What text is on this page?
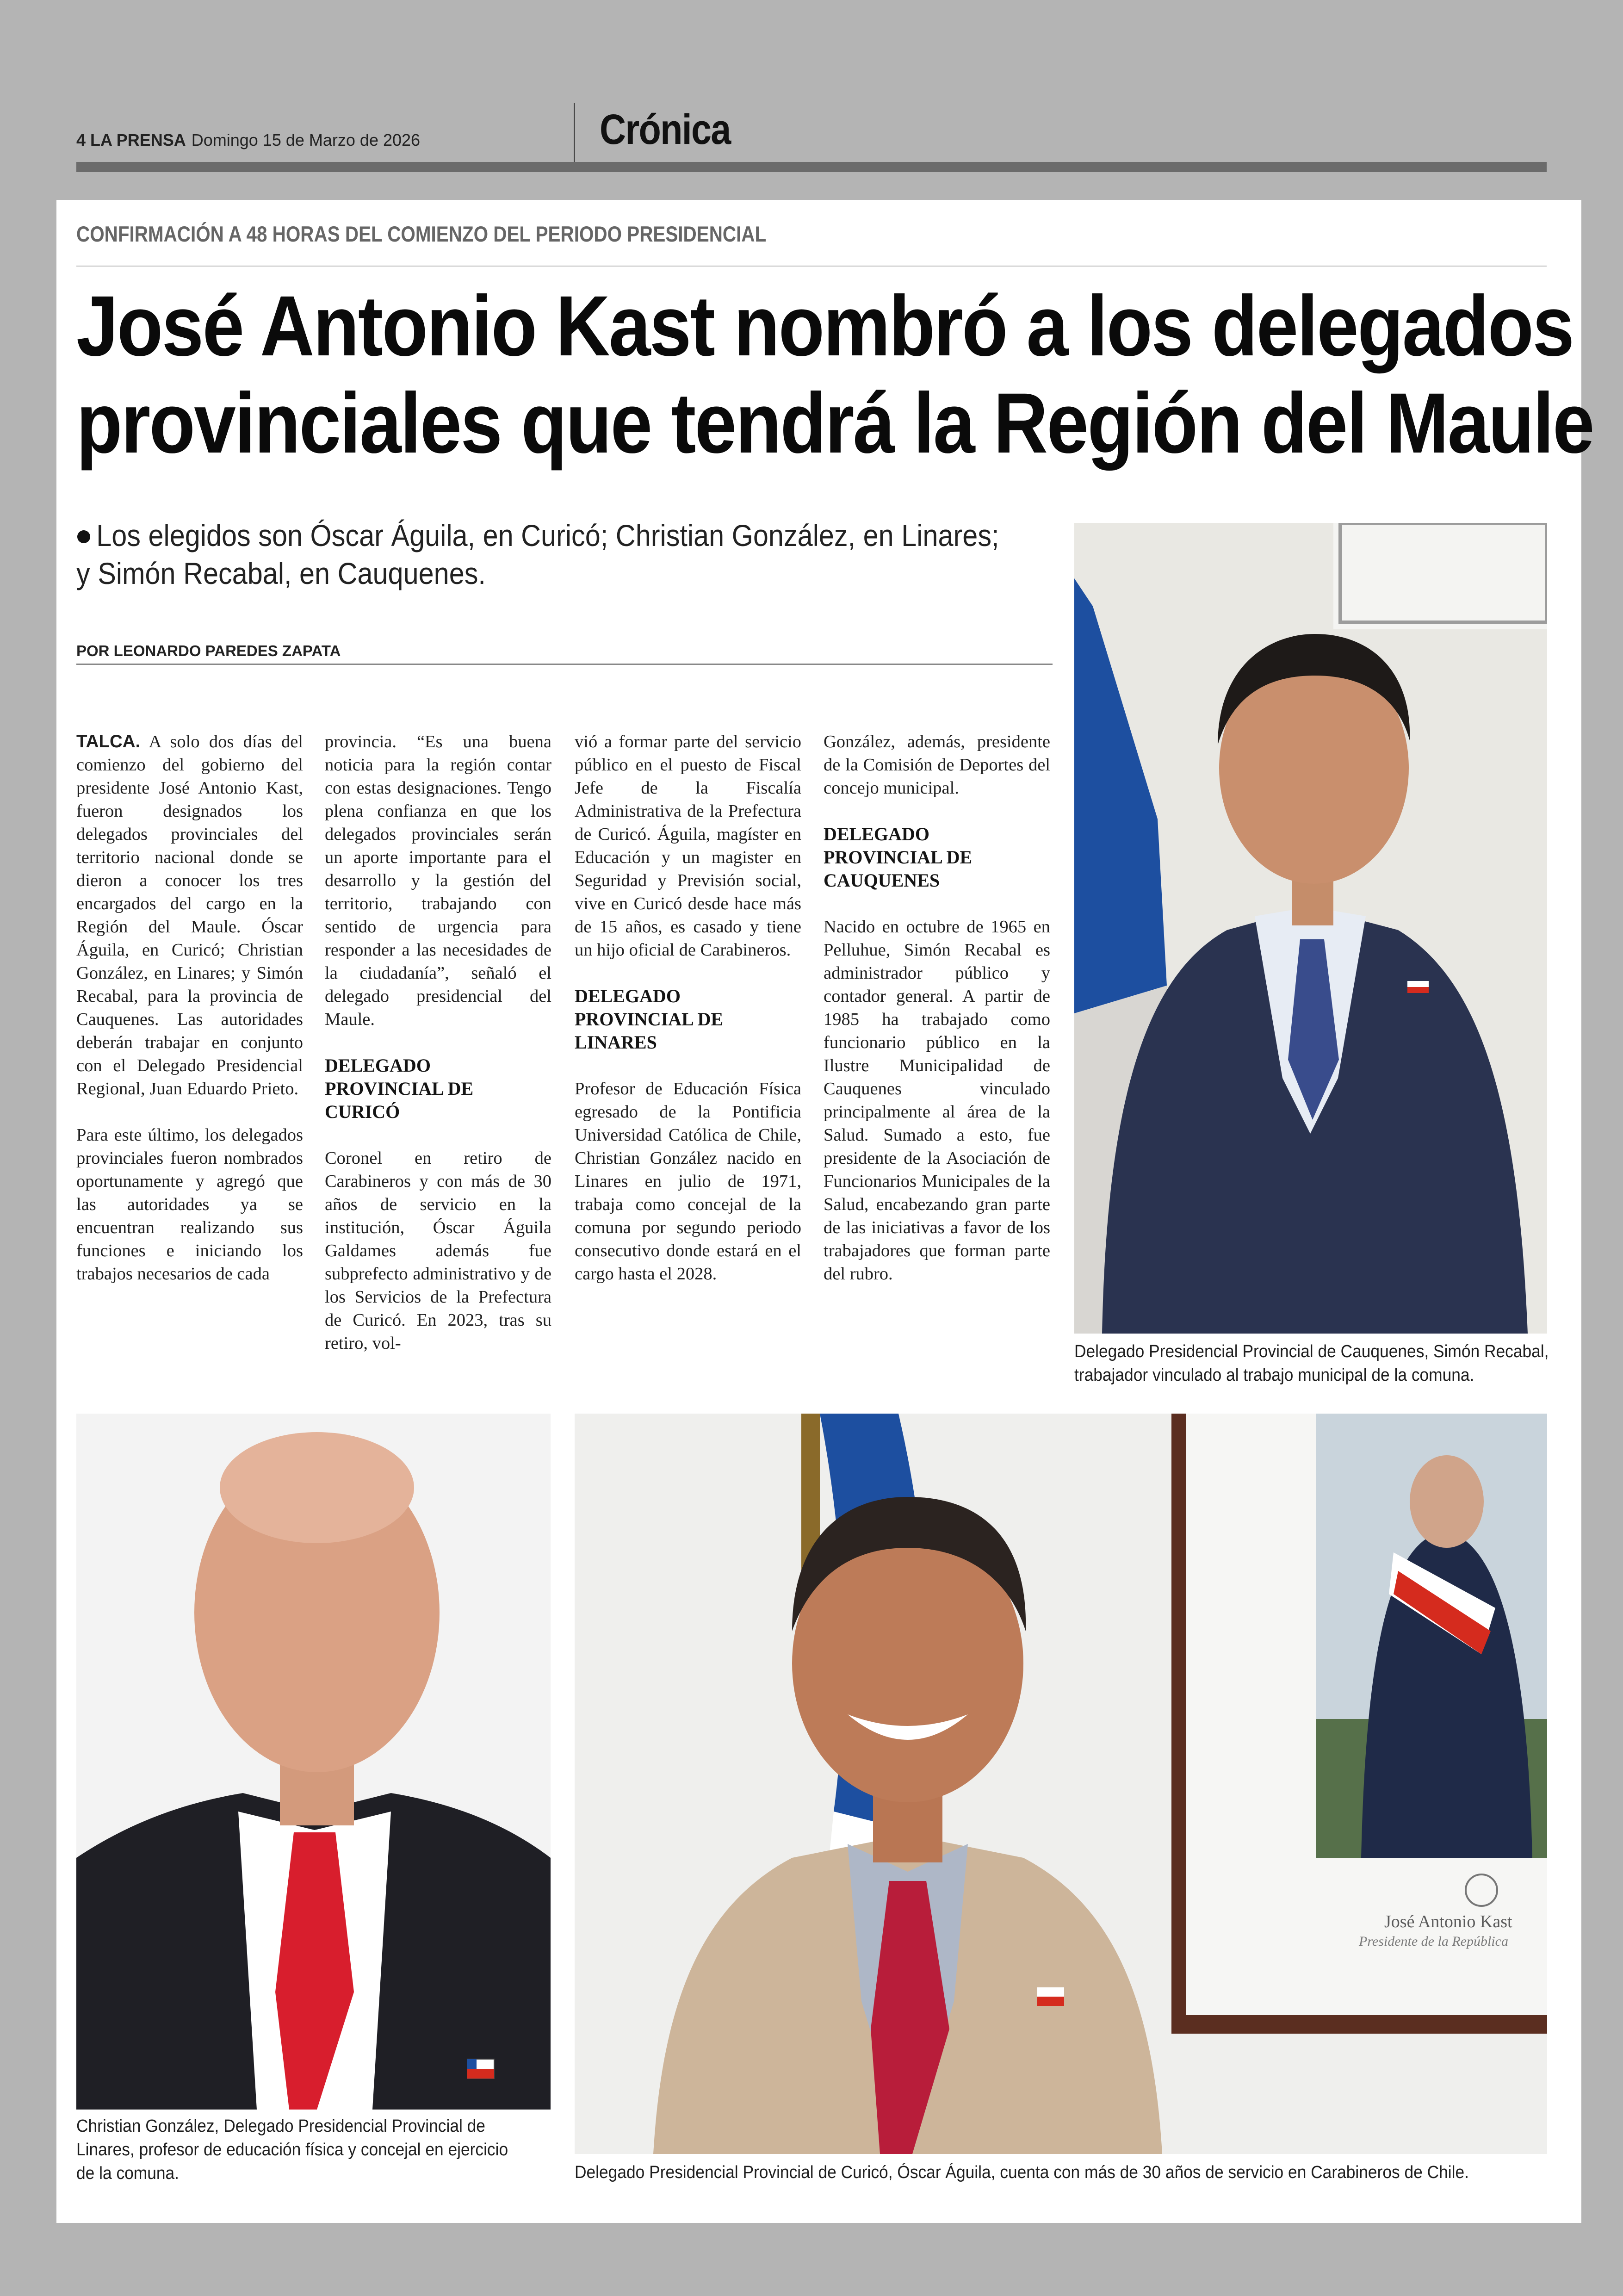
4 LA PRENSA Domingo 15 de Marzo de 2026	Crónica
CONFIRMACIÓN A 48 HORAS DEL COMIENZO DEL PERIODO PRESIDENCIAL
José Antonio Kast nombró a los delegados
provinciales que tendrá la Región del Maule
Los elegidos son Óscar Águila, en Curicó; Christian González, en Linares;
y Simón Recabal, en Cauquenes.
POR LEONARDO PAREDES ZAPATA

TALCA. A solo dos días del comienzo del gobierno del presidente José Antonio Kast, fueron designados los delegados provinciales del territorio nacional donde se dieron a conocer los tres encargados del cargo en la Región del Maule. Óscar Águila, en Curicó; Christian González, en Linares; y Simón Recabal, para la provincia de Cauquenes. Las autoridades deberán trabajar en conjunto con el Delegado Presidencial Regional, Juan Eduardo Prieto.

Para este último, los delegados provinciales fueron nombrados oportunamente y agregó que las autoridades ya se encuentran realizando sus funciones e iniciando los trabajos necesarios de cada

provincia. “Es una buena noticia para la región contar con estas designaciones. Tengo plena confianza en que los delegados provinciales serán un aporte importante para el desarrollo y la gestión del territorio, trabajando con sentido de urgencia para responder a las necesidades de la ciudadanía”, señaló el delegado presidencial del Maule.

DELEGADO PROVINCIAL DE CURICÓ

Coronel en retiro de Carabineros y con más de 30 años de servicio en la institución, Óscar Águila Galdames además fue subprefecto administrativo y de los Servicios de la Prefectura de Curicó. En 2023, tras su retiro, vol-

vió a formar parte del servicio público en el puesto de Fiscal Jefe de la Fiscalía Administrativa de la Prefectura de Curicó. Águila, magíster en Educación y un magister en Seguridad y Previsión social, vive en Curicó desde hace más de 15 años, es casado y tiene un hijo oficial de Carabineros.

DELEGADO PROVINCIAL DE LINARES

Profesor de Educación Física egresado de la Pontificia Universidad Católica de Chile, Christian González nacido en Linares en julio de 1971, trabaja como concejal de la comuna por segundo periodo consecutivo donde estará en el cargo hasta el 2028.

González, además, presidente de la Comisión de Deportes del concejo municipal.

DELEGADO PROVINCIAL DE CAUQUENES

Nacido en octubre de 1965 en Pelluhue, Simón Recabal es administrador público y contador general. A partir de 1985 ha trabajado como funcionario público en la Ilustre Municipalidad de Cauquenes vinculado principalmente al área de la Salud. Sumado a esto, fue presidente de la Asociación de Funcionarios Municipales de la Salud, encabezando gran parte de las iniciativas a favor de los trabajadores que forman parte del rubro.

Delegado Presidencial Provincial de Cauquenes, Simón Recabal,
trabajador vinculado al trabajo municipal de la comuna.
Christian González, Delegado Presidencial Provincial de
Linares, profesor de educación física y concejal en ejercicio
de la comuna.
José Antonio Kast
Presidente de la República
Delegado Presidencial Provincial de Curicó, Óscar Águila, cuenta con más de 30 años de servicio en Carabineros de Chile.
